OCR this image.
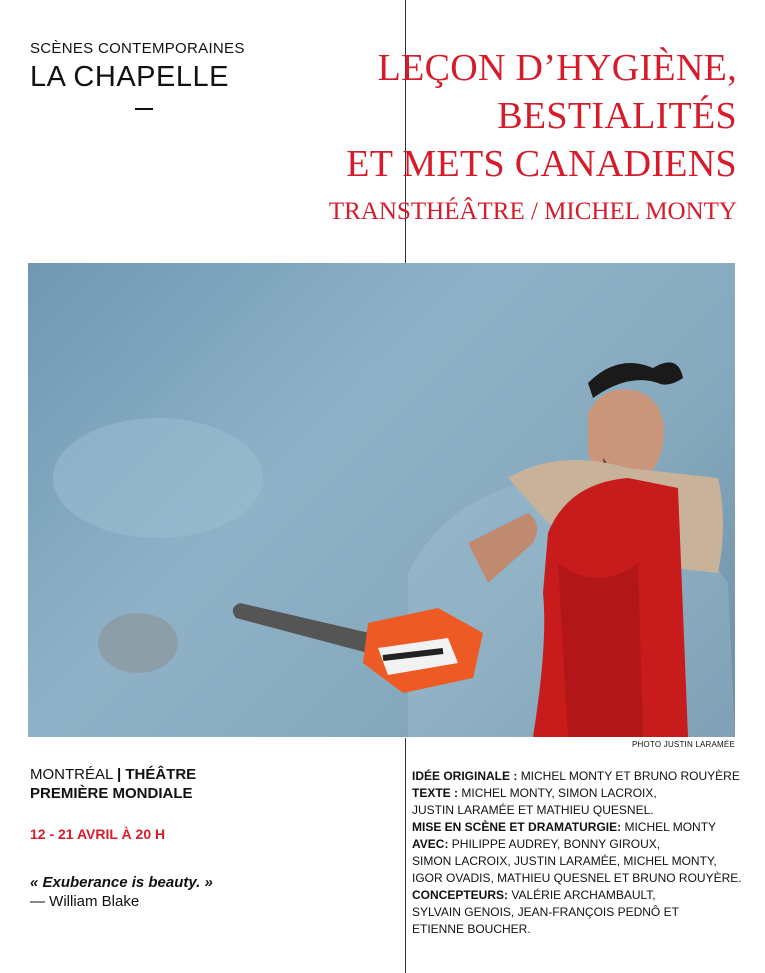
SCÈNES CONTEMPORAINES
LA CHAPELLE	LEÇON D’HYGIÈNE,
BESTIALITÉS
ET METS CANADIENS
TRANSTHÉÂTRE / MICHEL MONTY
PHOTO JUSTIN LARAMÉE
MONTRÉAL | THÉÂTRE
PREMIÈRE MONDIALE
12 - 21 AVRIL À 20 H
« Exuberance is beauty. »
— William Blake
IDÉE ORIGINALE : MICHEL MONTY ET BRUNO ROUYÈRE
TEXTE : MICHEL MONTY, SIMON LACROIX,
JUSTIN LARAMÉE ET MATHIEU QUESNEL.
MISE EN SCÈNE ET DRAMATURGIE: MICHEL MONTY
AVEC: PHILIPPE AUDREY, BONNY GIROUX,
SIMON LACROIX, JUSTIN LARAMÉE, MICHEL MONTY,
IGOR OVADIS, MATHIEU QUESNEL ET BRUNO ROUYÈRE.
CONCEPTEURS: VALÉRIE ARCHAMBAULT,
SYLVAIN GENOIS, JEAN-FRANÇOIS PEDNÔ ET
ETIENNE BOUCHER.
